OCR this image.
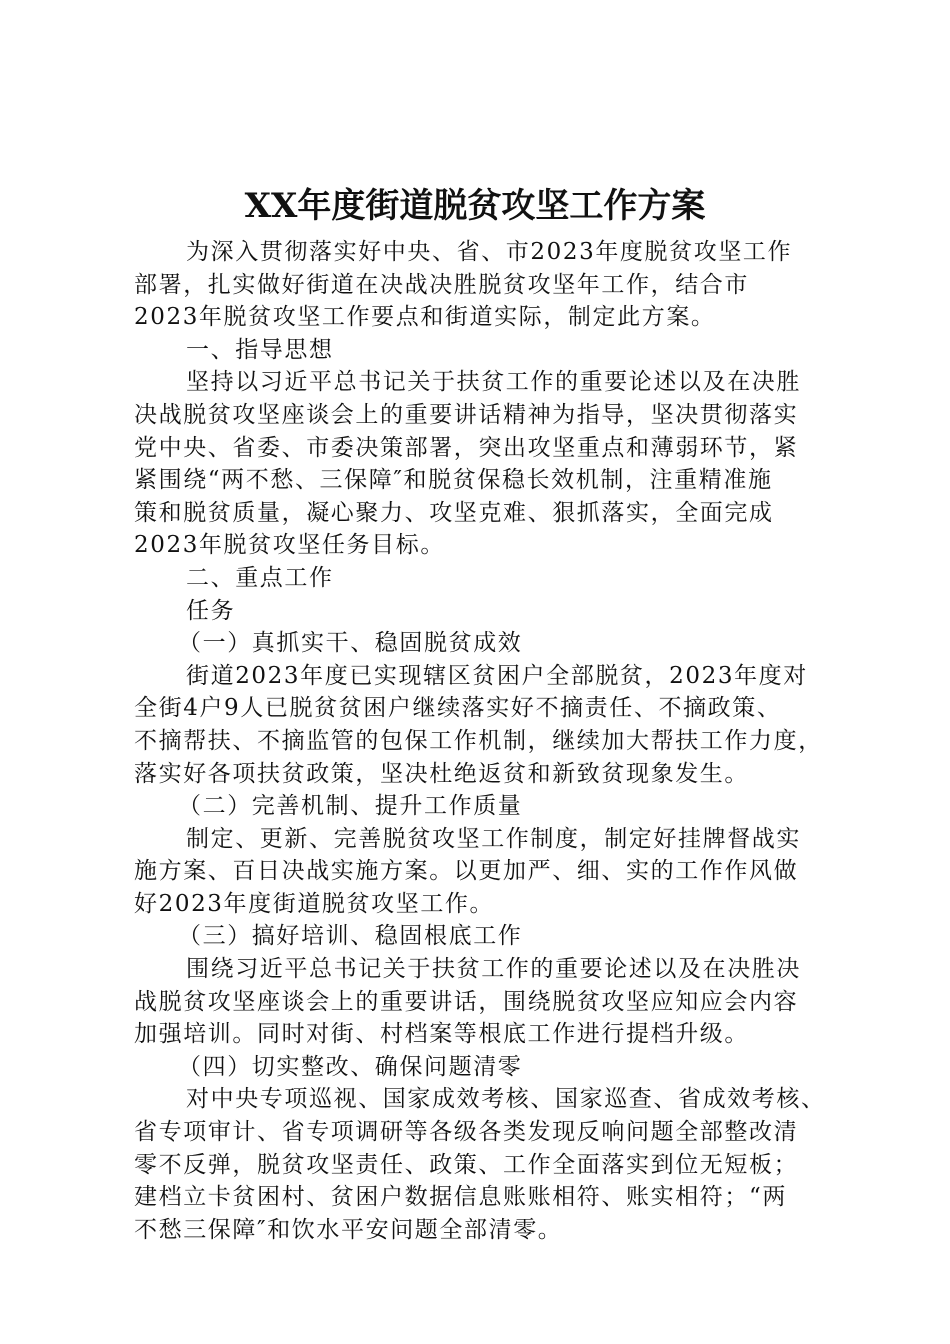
XX年度街道脱贫攻坚工作方案
为深入贯彻落实好中央、省、市2023年度脱贫攻坚工作
部署，扎实做好街道在决战决胜脱贫攻坚年工作，结合市
2023年脱贫攻坚工作要点和街道实际，制定此方案。
一、指导思想
坚持以习近平总书记关于扶贫工作的重要论述以及在决胜
决战脱贫攻坚座谈会上的重要讲话精神为指导，坚决贯彻落实
党中央、省委、市委决策部署，突出攻坚重点和薄弱环节，紧
紧围绕“两不愁、三保障″和脱贫保稳长效机制，注重精准施
策和脱贫质量，凝心聚力、攻坚克难、狠抓落实，全面完成
2023年脱贫攻坚任务目标。
二、重点工作
任务
（一）真抓实干、稳固脱贫成效
街道2023年度已实现辖区贫困户全部脱贫，2023年度对
全街4户9人已脱贫贫困户继续落实好不摘责任、不摘政策、
不摘帮扶、不摘监管的包保工作机制，继续加大帮扶工作力度，
落实好各项扶贫政策，坚决杜绝返贫和新致贫现象发生。
（二）完善机制、提升工作质量
制定、更新、完善脱贫攻坚工作制度，制定好挂牌督战实
施方案、百日决战实施方案。以更加严、细、实的工作作风做
好2023年度街道脱贫攻坚工作。
（三）搞好培训、稳固根底工作
围绕习近平总书记关于扶贫工作的重要论述以及在决胜决
战脱贫攻坚座谈会上的重要讲话，围绕脱贫攻坚应知应会内容
加强培训。同时对街、村档案等根底工作进行提档升级。
（四）切实整改、确保问题清零
对中央专项巡视、国家成效考核、国家巡查、省成效考核、
省专项审计、省专项调研等各级各类发现反响问题全部整改清
零不反弹，脱贫攻坚责任、政策、工作全面落实到位无短板；
建档立卡贫困村、贫困户数据信息账账相符、账实相符；“两
不愁三保障″和饮水平安问题全部清零。
